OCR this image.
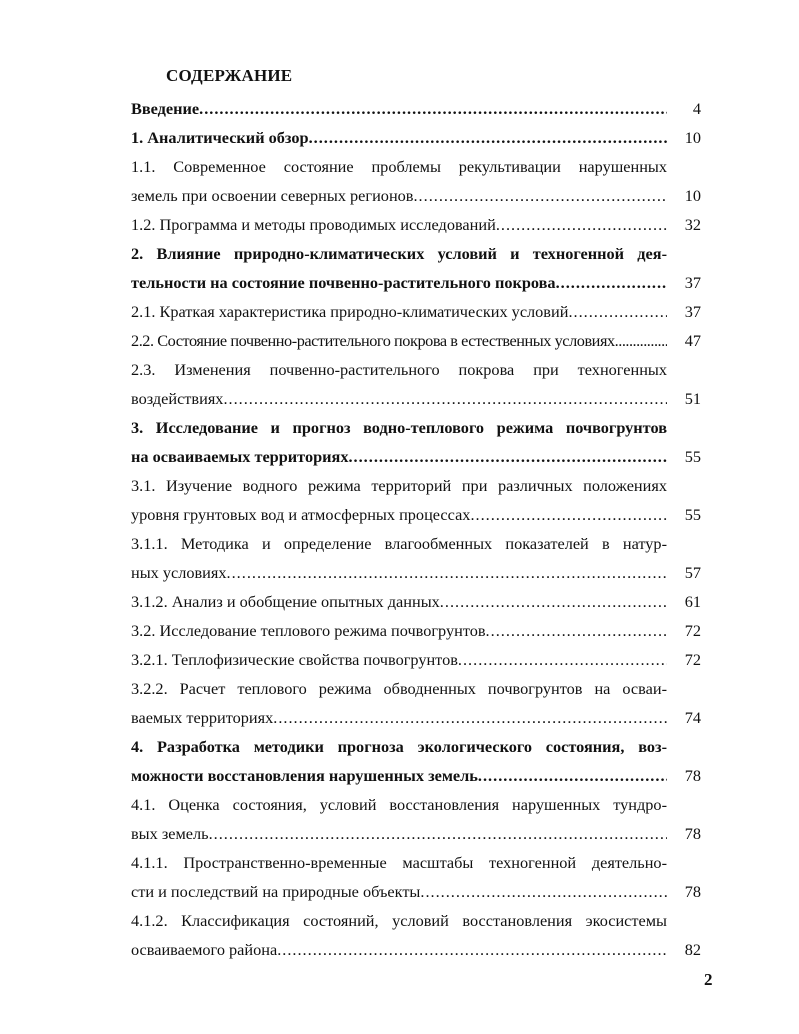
СОДЕРЖАНИЕ
Введение .....	4
1. Аналитический обзор .....	10
1.1. Современное состояние проблемы рекультивации нарушенных
земель при освоении северных регионов .....	10
1.2. Программа и методы проводимых исследований .....	32
2. Влияние природно-климатических условий и техногенной дея-
тельности на состояние почвенно-растительного покрова .....	37
2.1. Краткая характеристика природно-климатических условий .....	37
2.2. Состояние почвенно-растительного покрова в естественных условиях .....	47
2.3. Изменения почвенно-растительного покрова при техногенных
воздействиях .....	51
3. Исследование и прогноз водно-теплового режима почвогрунтов
на осваиваемых территориях .....	55
3.1. Изучение водного режима территорий при различных положениях
уровня грунтовых вод и атмосферных процессах .....	55
3.1.1. Методика и определение влагообменных показателей в натур-
ных условиях .....	57
3.1.2. Анализ и обобщение опытных данных .....	61
3.2. Исследование теплового режима почвогрунтов .....	72
3.2.1. Теплофизические свойства почвогрунтов .....	72
3.2.2. Расчет теплового режима обводненных почвогрунтов на осваи-
ваемых территориях .....	74
4. Разработка методики прогноза экологического состояния, воз-
можности восстановления нарушенных земель .....	78
4.1. Оценка состояния, условий восстановления нарушенных тундро-
вых земель .....	78
4.1.1. Пространственно-временные масштабы техногенной деятельно-
сти и последствий на природные объекты .....	78
4.1.2. Классификация состояний, условий восстановления экосистемы
осваиваемого района .....	82
2
